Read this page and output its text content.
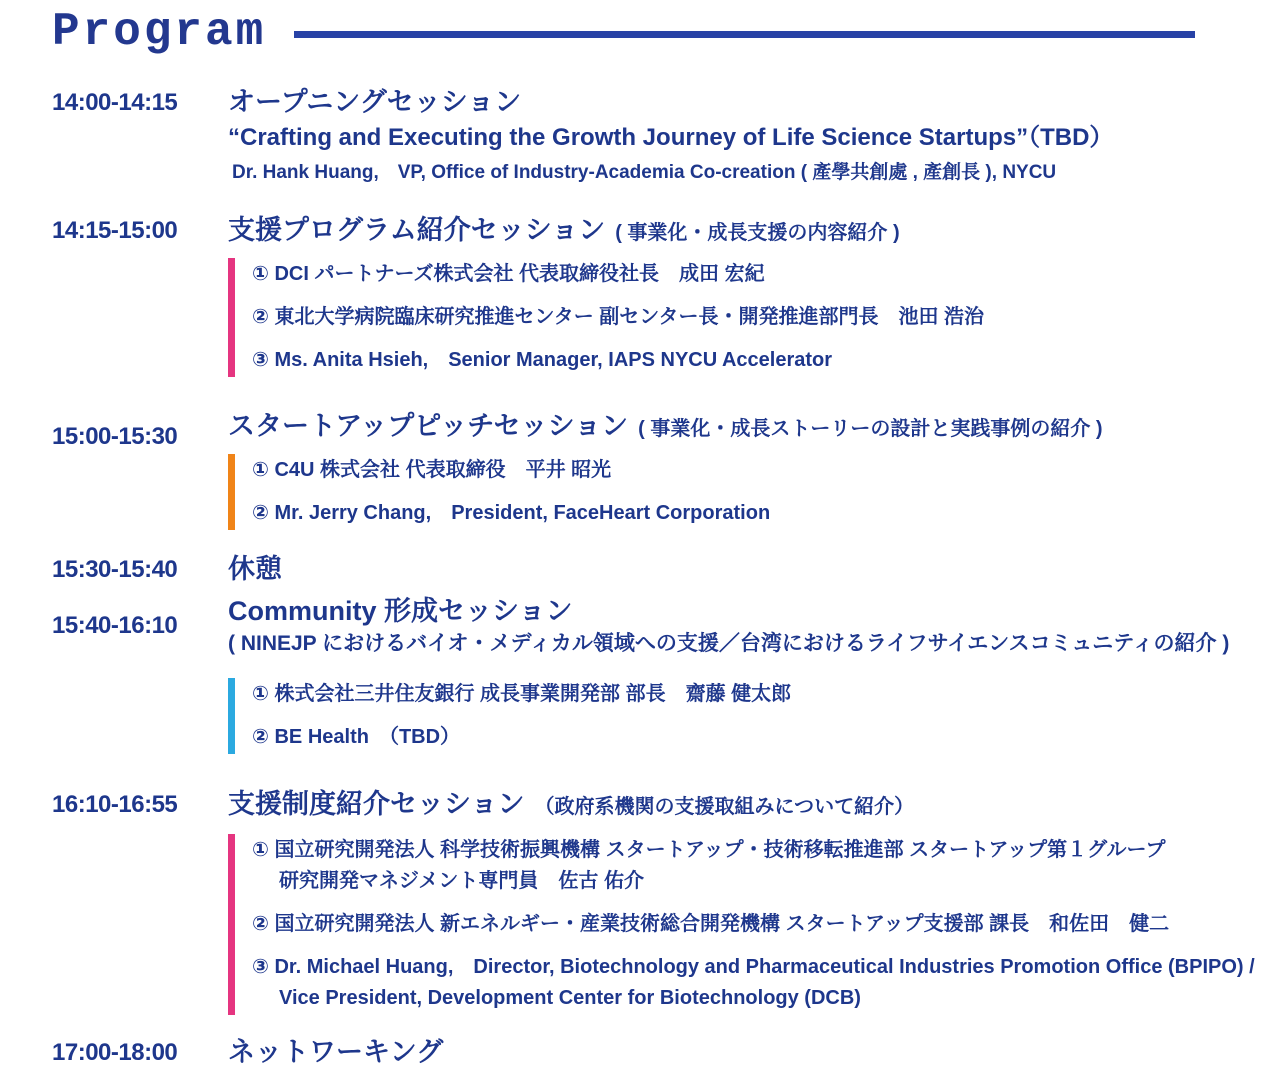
Program
14:00-14:15	オープニングセッション
“Crafting and Executing the Growth Journey of Life Science Startups”（TBD）
Dr. Hank Huang,　VP, Office of Industry-Academia Co-creation ( 產學共創處 , 產創長 ), NYCU
14:15-15:00	支援プログラム紹介セッション ( 事業化・成長支援の内容紹介 )
① DCI パートナーズ株式会社 代表取締役社長　成田 宏紀
② 東北大学病院臨床研究推進センター 副センター長・開発推進部門長　池田 浩治
③ Ms. Anita Hsieh,　Senior Manager, IAPS NYCU Accelerator
15:00-15:30	スタートアップピッチセッション ( 事業化・成長ストーリーの設計と実践事例の紹介 )
① C4U 株式会社 代表取締役　平井 昭光
② Mr. Jerry Chang,　President, FaceHeart Corporation
15:30-15:40	休憩
15:40-16:10	Community 形成セッション
( NINEJP におけるバイオ・メディカル領域への支援／台湾におけるライフサイエンスコミュニティの紹介 )
① 株式会社三井住友銀行 成長事業開発部 部長　齋藤 健太郎
② BE Health　（TBD）
16:10-16:55	支援制度紹介セッション （政府系機関の支援取組みについて紹介）
① 国立研究開発法人 科学技術振興機構 スタートアップ・技術移転推進部 スタートアップ第１グループ
研究開発マネジメント専門員　佐古 佑介
② 国立研究開発法人 新エネルギー・産業技術総合開発機構 スタートアップ支援部 課長　和佐田　健二
③ Dr. Michael Huang,　Director, Biotechnology and Pharmaceutical Industries Promotion Office (BPIPO) /
Vice President, Development Center for Biotechnology (DCB)
17:00-18:00	ネットワーキング
